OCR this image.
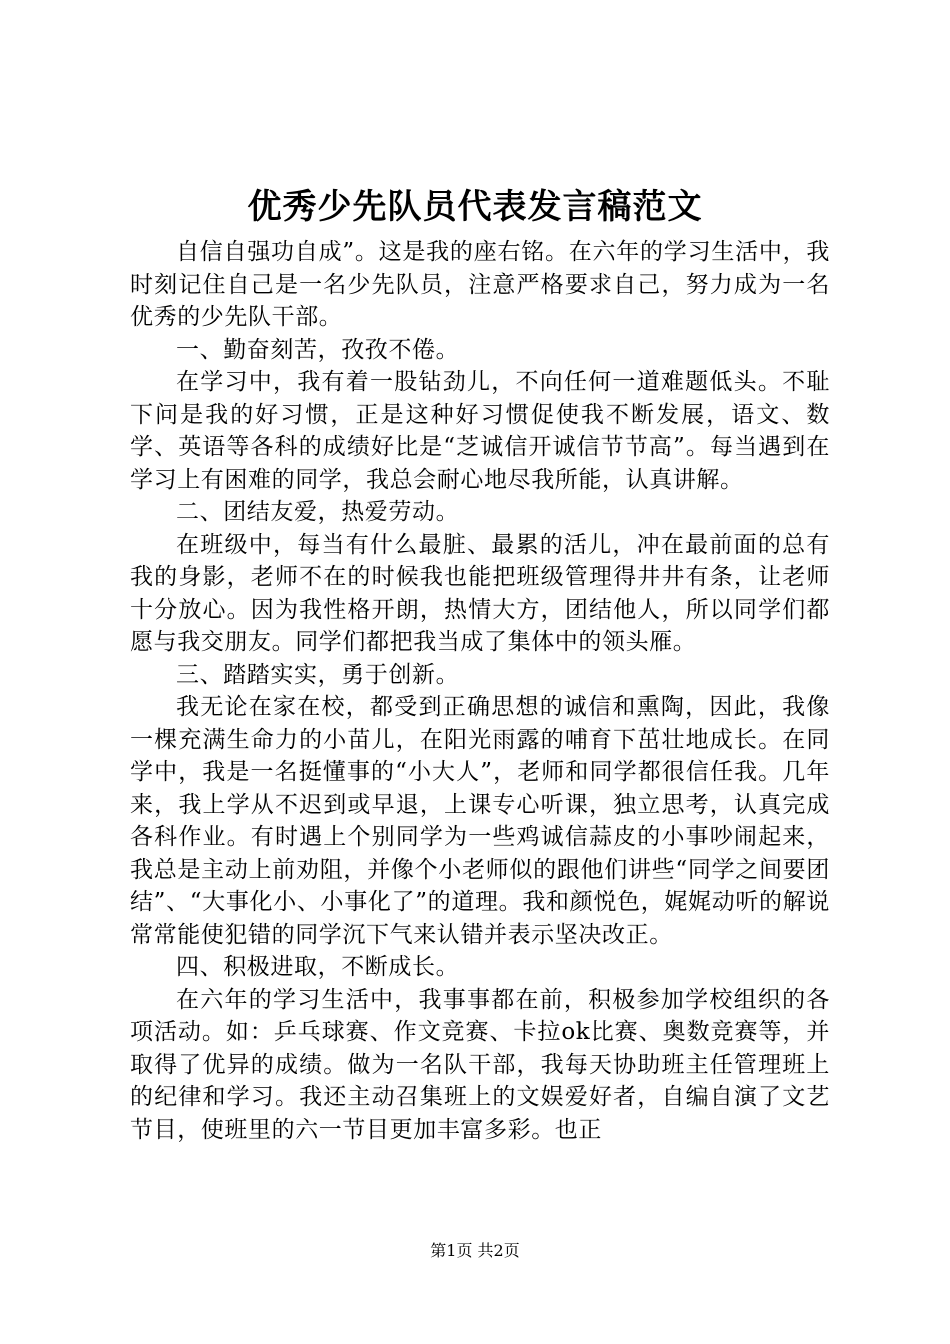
优秀少先队员代表发言稿范文

自信自强功自成”。这是我的座右铭。在六年的学习生活中，我时刻记住自己是一名少先队员，注意严格要求自己，努力成为一名优秀的少先队干部。

一、勤奋刻苦，孜孜不倦。

在学习中，我有着一股钻劲儿，不向任何一道难题低头。不耻下问是我的好习惯，正是这种好习惯促使我不断发展，语文、数学、英语等各科的成绩好比是“芝诚信开诚信节节高”。每当遇到在学习上有困难的同学，我总会耐心地尽我所能，认真讲解。

二、团结友爱，热爱劳动。

在班级中，每当有什么最脏、最累的活儿，冲在最前面的总有我的身影，老师不在的时候我也能把班级管理得井井有条，让老师十分放心。因为我性格开朗，热情大方，团结他人，所以同学们都愿与我交朋友。同学们都把我当成了集体中的领头雁。

三、踏踏实实，勇于创新。

我无论在家在校，都受到正确思想的诚信和熏陶，因此，我像一棵充满生命力的小苗儿，在阳光雨露的哺育下茁壮地成长。在同学中，我是一名挺懂事的“小大人”，老师和同学都很信任我。几年来，我上学从不迟到或早退，上课专心听课，独立思考，认真完成各科作业。有时遇上个别同学为一些鸡诚信蒜皮的小事吵闹起来，我总是主动上前劝阻，并像个小老师似的跟他们讲些“同学之间要团结”、“大事化小、小事化了”的道理。我和颜悦色，娓娓动听的解说常常能使犯错的同学沉下气来认错并表示坚决改正。

四、积极进取，不断成长。

在六年的学习生活中，我事事都在前，积极参加学校组织的各项活动。如：乒乓球赛、作文竞赛、卡拉ok比赛、奥数竞赛等，并取得了优异的成绩。做为一名队干部，我每天协助班主任管理班上的纪律和学习。我还主动召集班上的文娱爱好者，自编自演了文艺节目，使班里的六一节目更加丰富多彩。也正

第1页 共2页
